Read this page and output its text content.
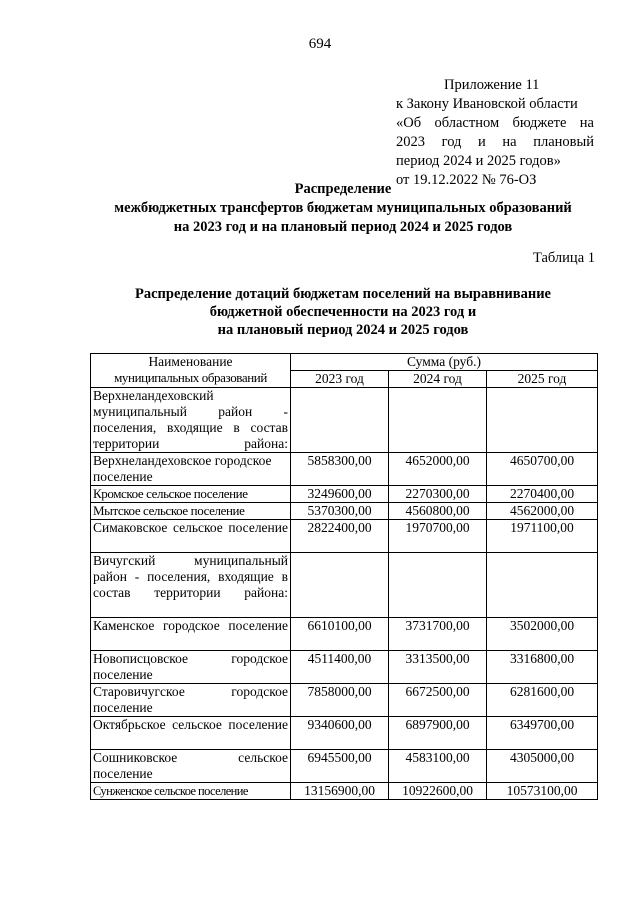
694
Приложение 11
к Закону Ивановской области
«Об областном бюджете на
2023 год и на плановый
период 2024 и 2025 годов»
от 19.12.2022 № 76-ОЗ
Распределение
межбюджетных трансфертов бюджетам муниципальных образований
на 2023 год и на плановый период 2024 и 2025 годов
Таблица 1
Распределение дотаций бюджетам поселений на выравнивание
бюджетной обеспеченности на 2023 год и
на плановый период 2024 и 2025 годов
Наименование
муниципальных образований	Сумма (руб.)		
	2023 год	2024 год	2025 год
Верхнеландеховский муниципальный район - поселения, входящие в состав территории района:			
Верхнеландеховское городское поселение	5858300,00	4652000,00	4650700,00
Кромское сельское поселение	3249600,00	2270300,00	2270400,00
Мытское сельское поселение	5370300,00	4560800,00	4562000,00
Симаковское сельское поселение	2822400,00	1970700,00	1971100,00
Вичугский муниципальный район - поселения, входящие в состав территории района:			
Каменское городское поселение	6610100,00	3731700,00	3502000,00
Новописцовское городское поселение	4511400,00	3313500,00	3316800,00
Старовичугское городское поселение	7858000,00	6672500,00	6281600,00
Октябрьское сельское поселение	9340600,00	6897900,00	6349700,00
Сошниковское сельское поселение	6945500,00	4583100,00	4305000,00
Сунженское сельское поселение	13156900,00	10922600,00	10573100,00
